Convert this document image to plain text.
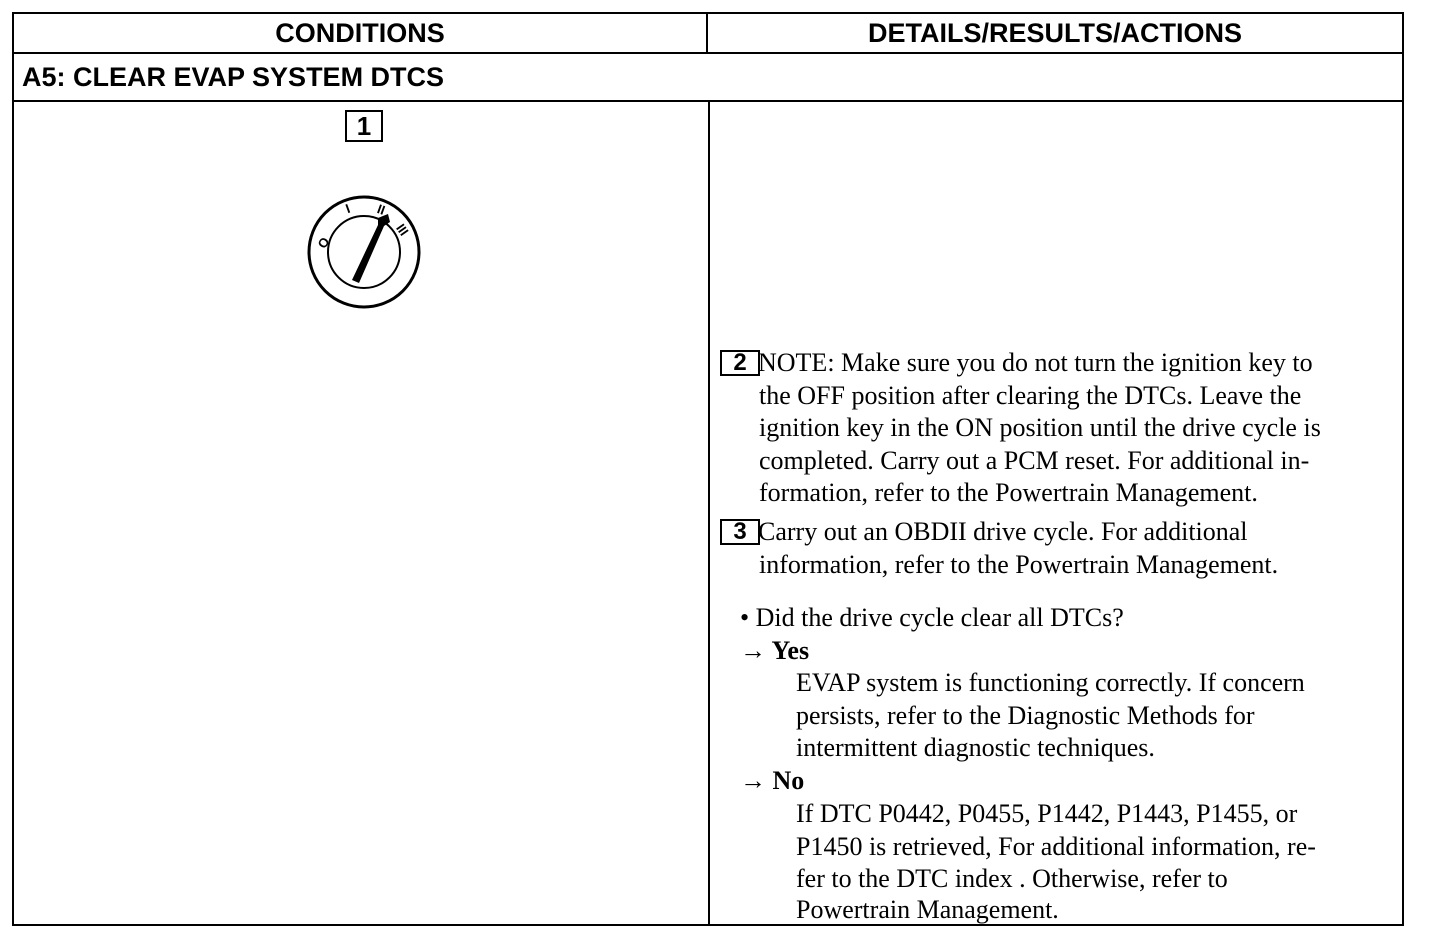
CONDITIONS	DETAILS/RESULTS/ACTIONS
A5: CLEAR EVAP SYSTEM DTCS
1
O
I II
III
2 NOTE: Make sure you do not turn the ignition key to
the OFF position after clearing the DTCs. Leave the
ignition key in the ON position until the drive cycle is
completed. Carry out a PCM reset. For additional in-
formation, refer to the Powertrain Management.
3 Carry out an OBDII drive cycle. For additional
information, refer to the Powertrain Management.
• Did the drive cycle clear all DTCs?
→ Yes
EVAP system is functioning correctly. If concern
persists, refer to the Diagnostic Methods for
intermittent diagnostic techniques.
→ No
If DTC P0442, P0455, P1442, P1443, P1455, or
P1450 is retrieved, For additional information, re-
fer to the DTC index . Otherwise, refer to
Powertrain Management.
